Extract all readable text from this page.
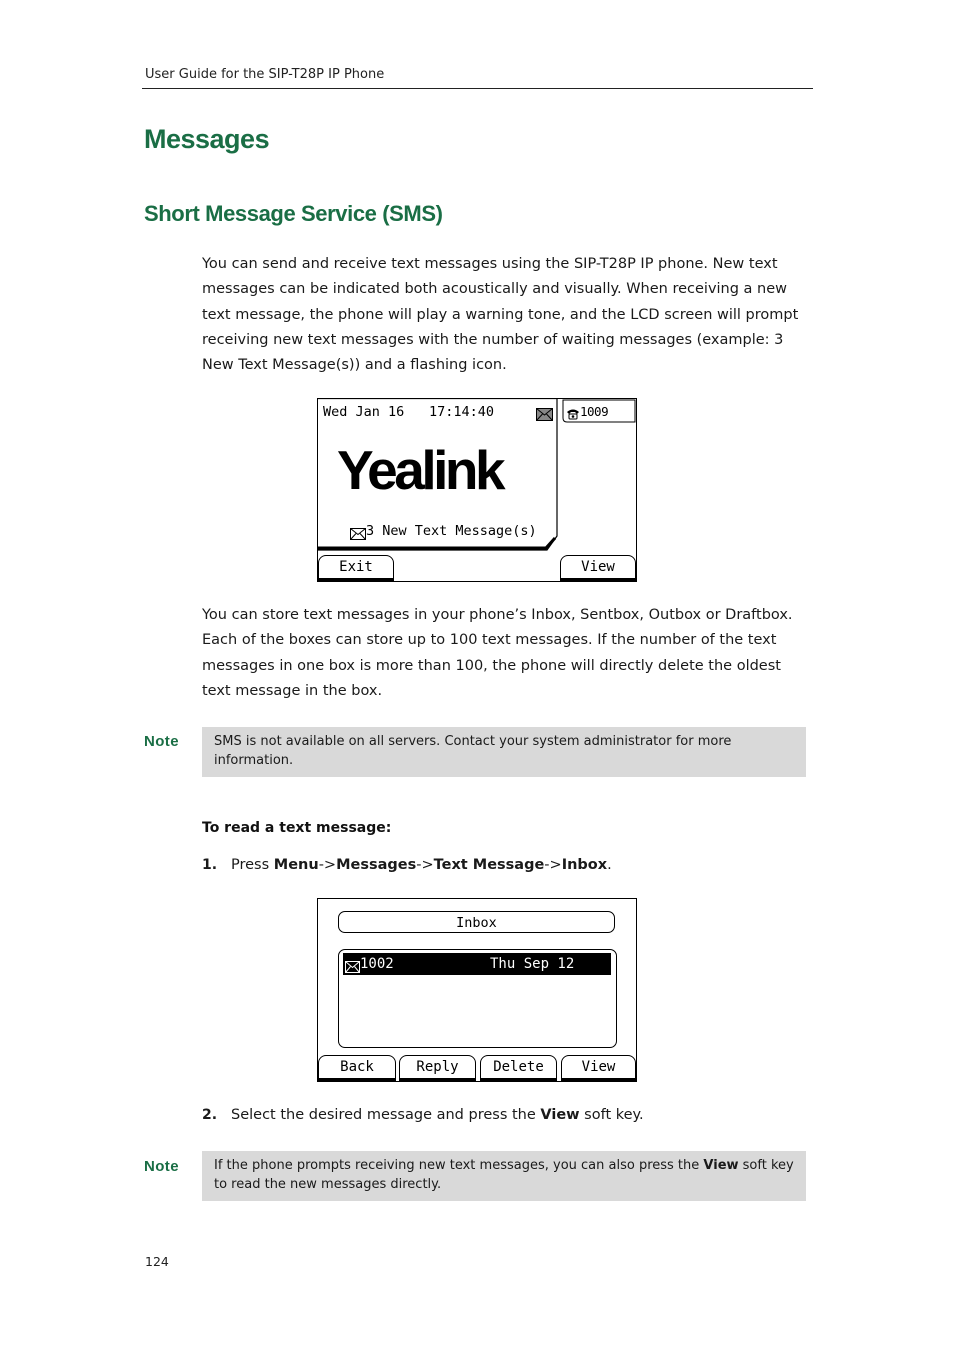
User Guide for the SIP-T28P IP Phone
Messages
Short Message Service (SMS)

You can send and receive text messages using the SIP-T28P IP phone. New text messages can be indicated both acoustically and visually. When receiving a new text message, the phone will play a warning tone, and the LCD screen will prompt receiving new text messages with the number of waiting messages (example: 3 New Text Message(s)) and a flashing icon.

Wed Jan 16 17:14:40	1009
Yealink
3 New Text Message(s)
Exit	View

You can store text messages in your phone’s Inbox, Sentbox, Outbox or Draftbox. Each of the boxes can store up to 100 text messages. If the number of the text messages in one box is more than 100, the phone will directly delete the oldest text message in the box.

Note	SMS is not available on all servers. Contact your system administrator for more information.
To read a text message:
1. Press Menu->Messages->Text Message->Inbox.
Inbox
1002	Thu Sep 12
Back	Reply	Delete	View
2. Select the desired message and press the View soft key.
Note	If the phone prompts receiving new text messages, you can also press the View soft key to read the new messages directly.
124
